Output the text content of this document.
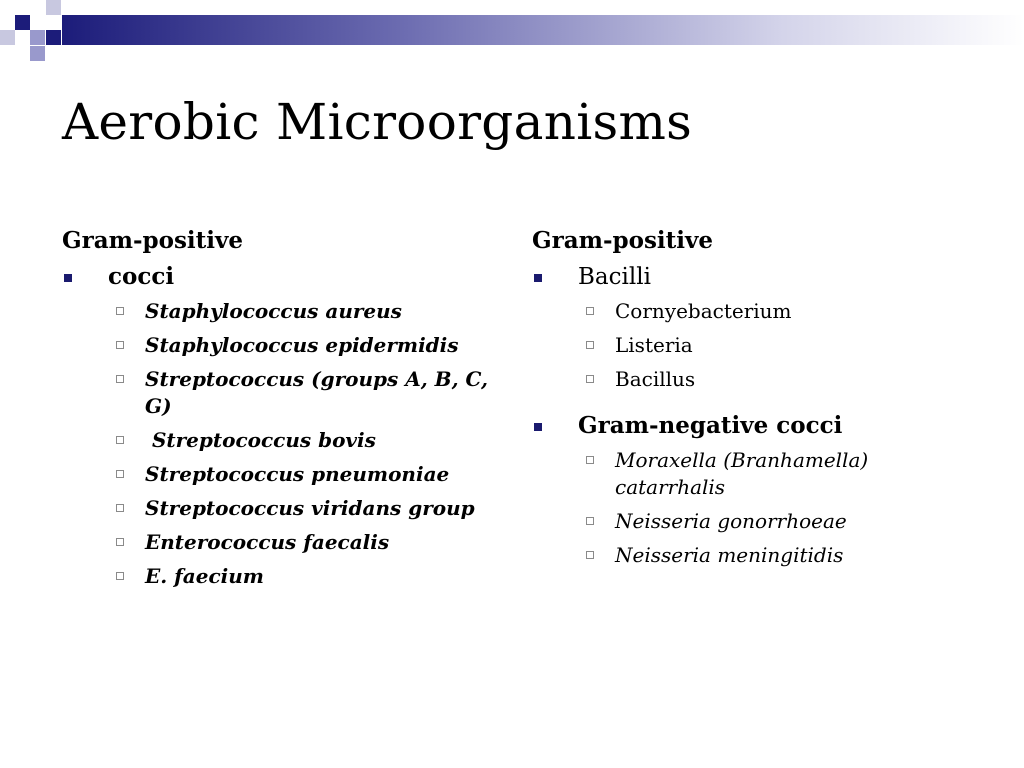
Aerobic Microorganisms
Gram-positive
cocci
Staphylococcus aureus
Staphylococcus epidermidis
Streptococcus (groups A, B, C, G)
Streptococcus bovis
Streptococcus pneumoniae
Streptococcus viridans group
Enterococcus faecalis
E. faecium
Gram-positive
Bacilli
Cornyebacterium
Listeria
Bacillus
Gram-negative cocci
Moraxella (Branhamella) catarrhalis
Neisseria gonorrhoeae
Neisseria meningitidis
